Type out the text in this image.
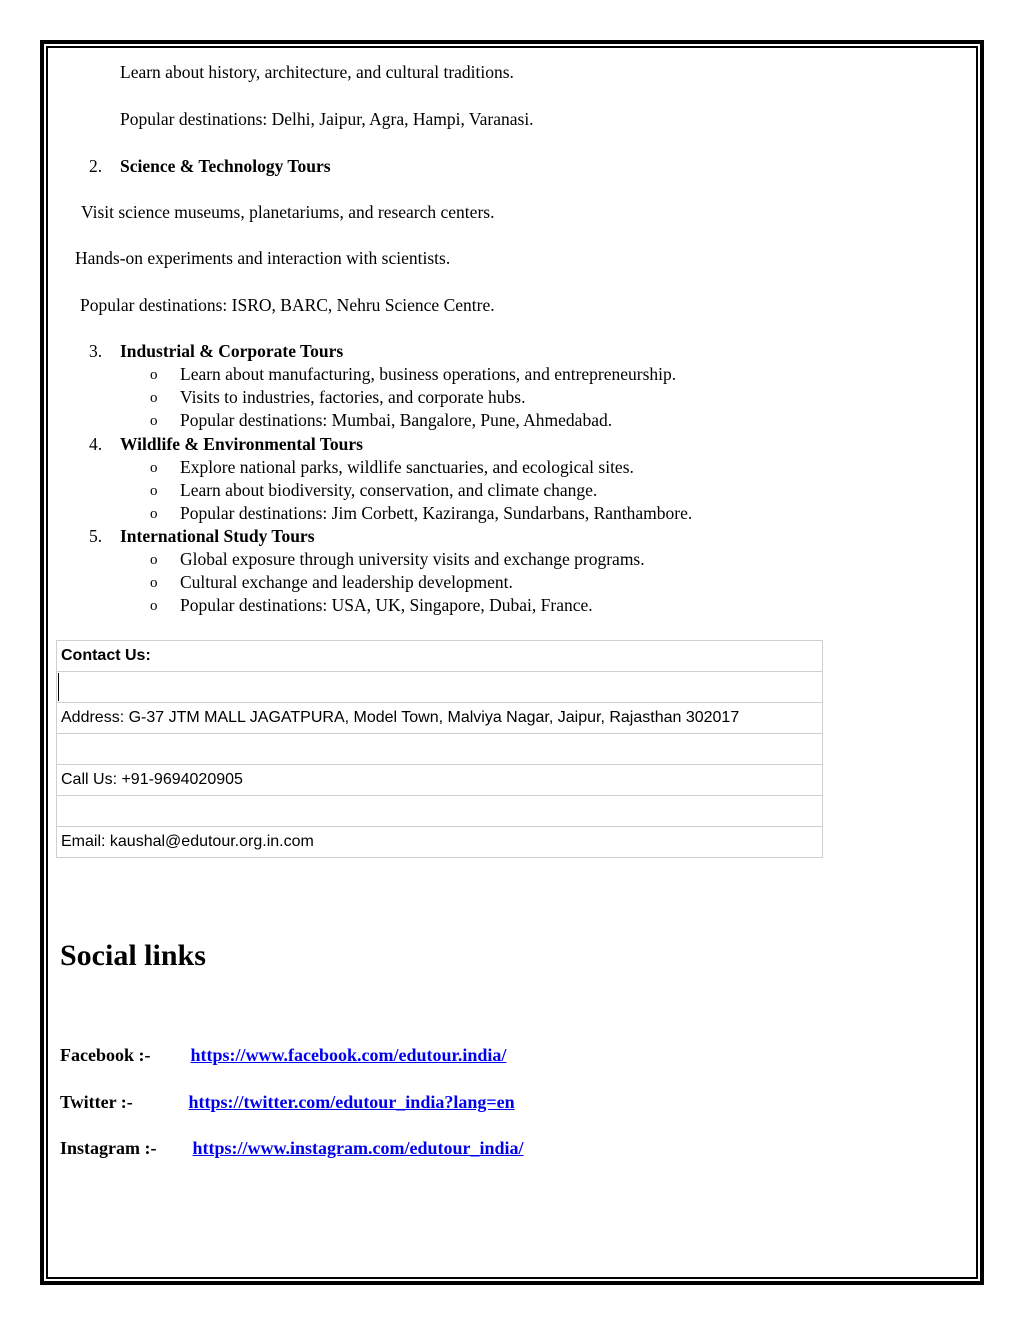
Learn about history, architecture, and cultural traditions.
Popular destinations: Delhi, Jaipur, Agra, Hampi, Varanasi.
2. Science & Technology Tours
Visit science museums, planetariums, and research centers.
Hands-on experiments and interaction with scientists.
Popular destinations: ISRO, BARC, Nehru Science Centre.
3. Industrial & Corporate Tours
o Learn about manufacturing, business operations, and entrepreneurship.
o Visits to industries, factories, and corporate hubs.
o Popular destinations: Mumbai, Bangalore, Pune, Ahmedabad.
4. Wildlife & Environmental Tours
o Explore national parks, wildlife sanctuaries, and ecological sites.
o Learn about biodiversity, conservation, and climate change.
o Popular destinations: Jim Corbett, Kaziranga, Sundarbans, Ranthambore.
5. International Study Tours
o Global exposure through university visits and exchange programs.
o Cultural exchange and leadership development.
o Popular destinations: USA, UK, Singapore, Dubai, France.
Contact Us:

Address: G-37 JTM MALL JAGATPURA, Model Town, Malviya Nagar, Jaipur, Rajasthan 302017

Call Us: +91-9694020905

Email: kaushal@edutour.org.in.com
Social links
Facebook :- https://www.facebook.com/edutour.india/
Twitter :-	https://twitter.com/edutour_india?lang=en
Instagram :- https://www.instagram.com/edutour_india/
